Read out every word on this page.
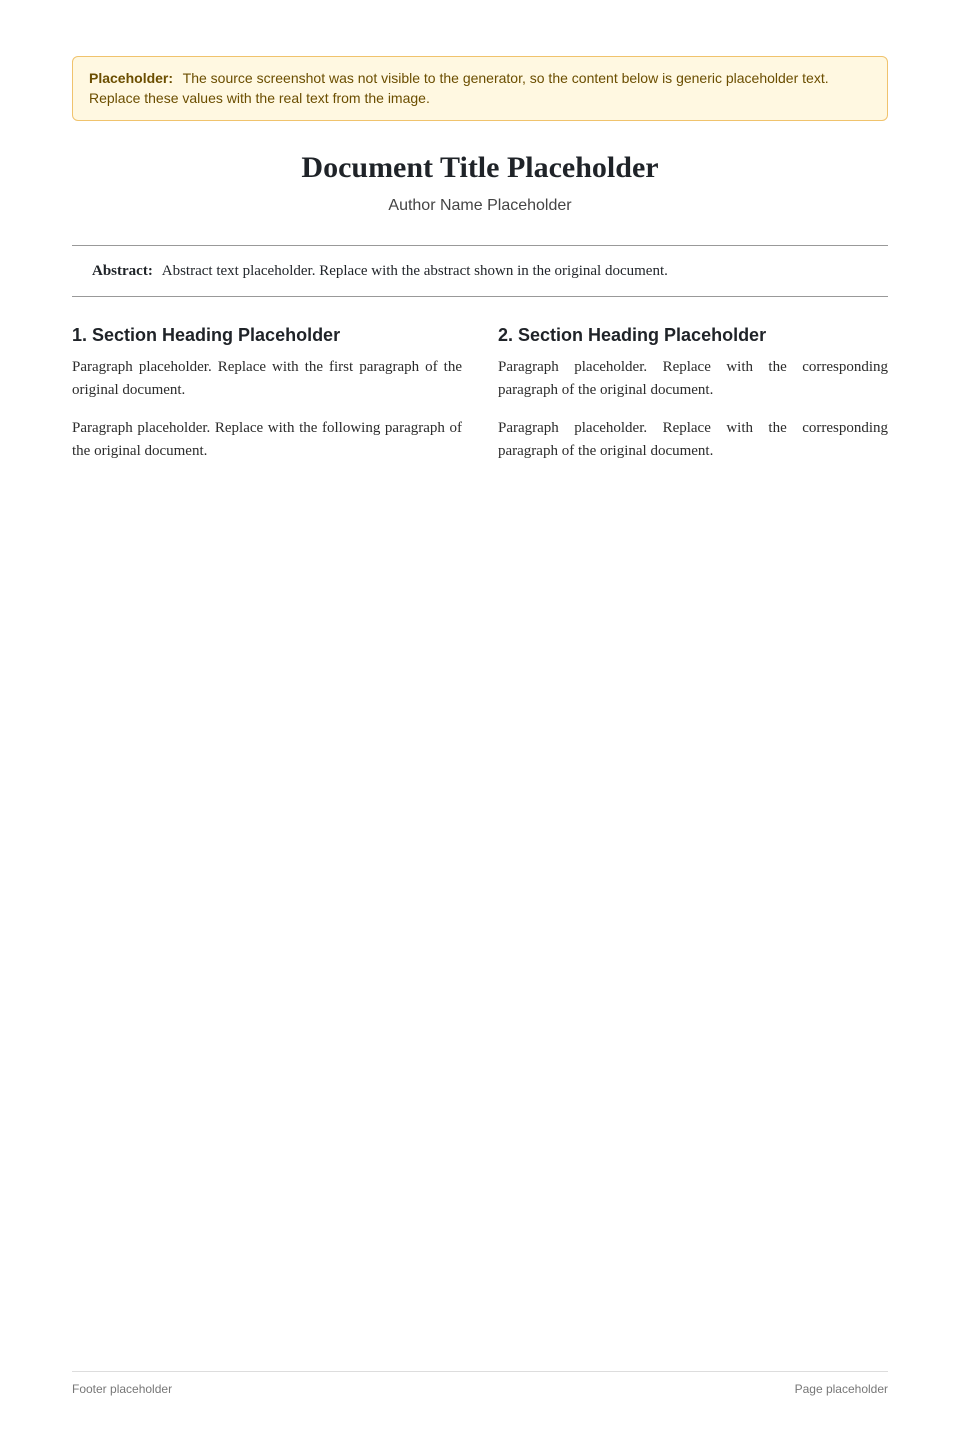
Placeholder: The source screenshot was not visible to the generator, so the content below is generic placeholder text. Replace these values with the real text from the image.
Document Title Placeholder
Author Name Placeholder
Abstract: Abstract text placeholder. Replace with the abstract shown in the original document.
1. Section Heading Placeholder

Paragraph placeholder. Replace with the first paragraph of the original document.

Paragraph placeholder. Replace with the following paragraph of the original document.

2. Section Heading Placeholder

Paragraph placeholder. Replace with the corresponding paragraph of the original document.

Paragraph placeholder. Replace with the corresponding paragraph of the original document.

Footer placeholder	Page placeholder
